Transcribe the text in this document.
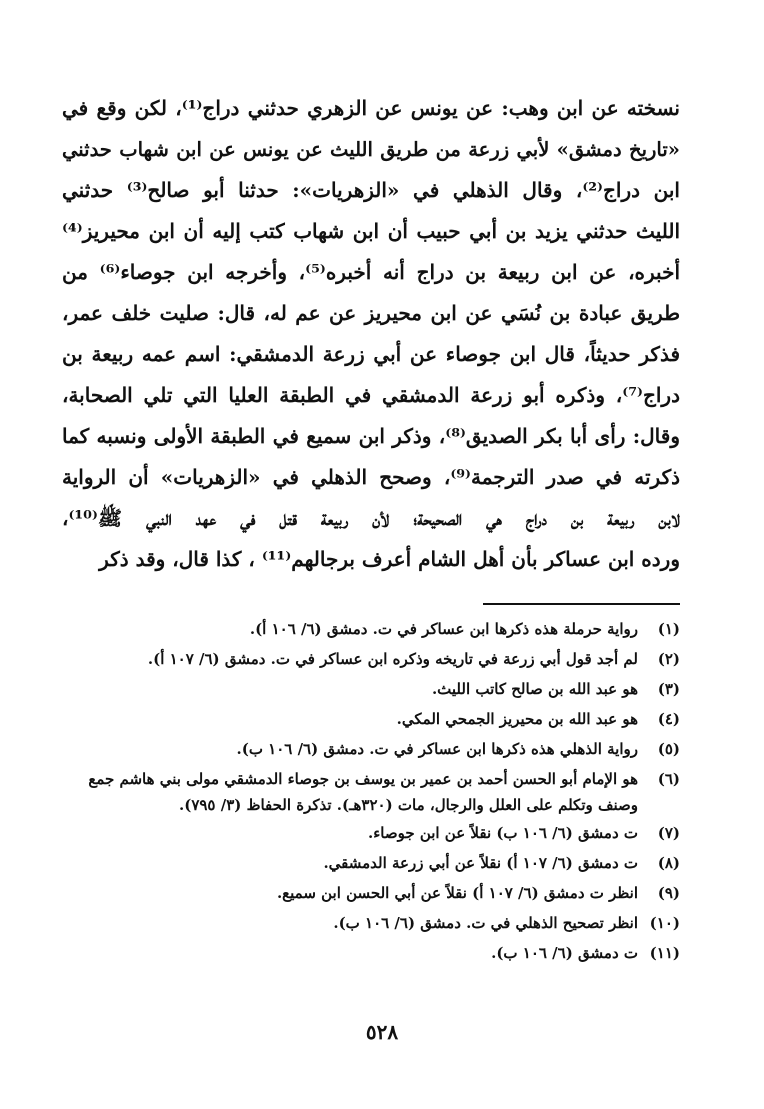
نسخته عن ابن وهب: عن يونس عن الزهري حدثني دراج⁽¹⁾، لكن وقع في
«تاريخ دمشق» لأبي زرعة من طريق الليث عن يونس عن ابن شهاب حدثني
ابن دراج⁽²⁾، وقال الذهلي في «الزهريات»: حدثنا أبو صالح⁽³⁾ حدثني
الليث حدثني يزيد بن أبي حبيب أن ابن شهاب كتب إليه أن ابن محيريز⁽⁴⁾
أخبره، عن ابن ربيعة بن دراج أنه أخبره⁽⁵⁾، وأخرجه ابن جوصاء⁽⁶⁾ من
طريق عبادة بن نُسَي عن ابن محيريز عن عم له، قال: صليت خلف عمر،
فذكر حديثاً، قال ابن جوصاء عن أبي زرعة الدمشقي: اسم عمه ربيعة بن
دراج⁽⁷⁾، وذكره أبو زرعة الدمشقي في الطبقة العليا التي تلي الصحابة،
وقال: رأى أبا بكر الصديق⁽⁸⁾، وذكر ابن سميع في الطبقة الأولى ونسبه كما
ذكرته في صدر الترجمة⁽⁹⁾، وصحح الذهلي في «الزهريات» أن الرواية
لابن ربيعة بن دراج هي الصحيحة؛ لأن ربيعة قتل في عهد النبي ﷺ⁽¹⁰⁾،
ورده ابن عساكر بأن أهل الشام أعرف برجالهم⁽¹¹⁾ ، كذا قال، وقد ذكر
(١)
رواية حرملة هذه ذكرها ابن عساكر في ت. دمشق (٦/ ١٠٦ أ).
(٢)
لم أجد قول أبي زرعة في تاريخه وذكره ابن عساكر في ت. دمشق (٦/ ١٠٧ أ).
(٣)
هو عبد الله بن صالح كاتب الليث.
(٤)
هو عبد الله بن محيريز الجمحي المكي.
(٥)
رواية الذهلي هذه ذكرها ابن عساكر في ت. دمشق (٦/ ١٠٦ ب).
(٦)
هو الإمام أبو الحسن أحمد بن عمير بن يوسف بن جوصاء الدمشقي مولى بني هاشم جمع وصنف وتكلم على العلل والرجال، مات (٣٢٠هـ). تذكرة الحفاظ (٣/ ٧٩٥).
(٧)
ت دمشق (٦/ ١٠٦ ب) نقلاً عن ابن جوصاء.
(٨)
ت دمشق (٦/ ١٠٧ أ) نقلاً عن أبي زرعة الدمشقي.
(٩)
انظر ت دمشق (٦/ ١٠٧ أ) نقلاً عن أبي الحسن ابن سميع.
(١٠)
انظر تصحيح الذهلي في ت. دمشق (٦/ ١٠٦ ب).
(١١)
ت دمشق (٦/ ١٠٦ ب).
٥٢٨
